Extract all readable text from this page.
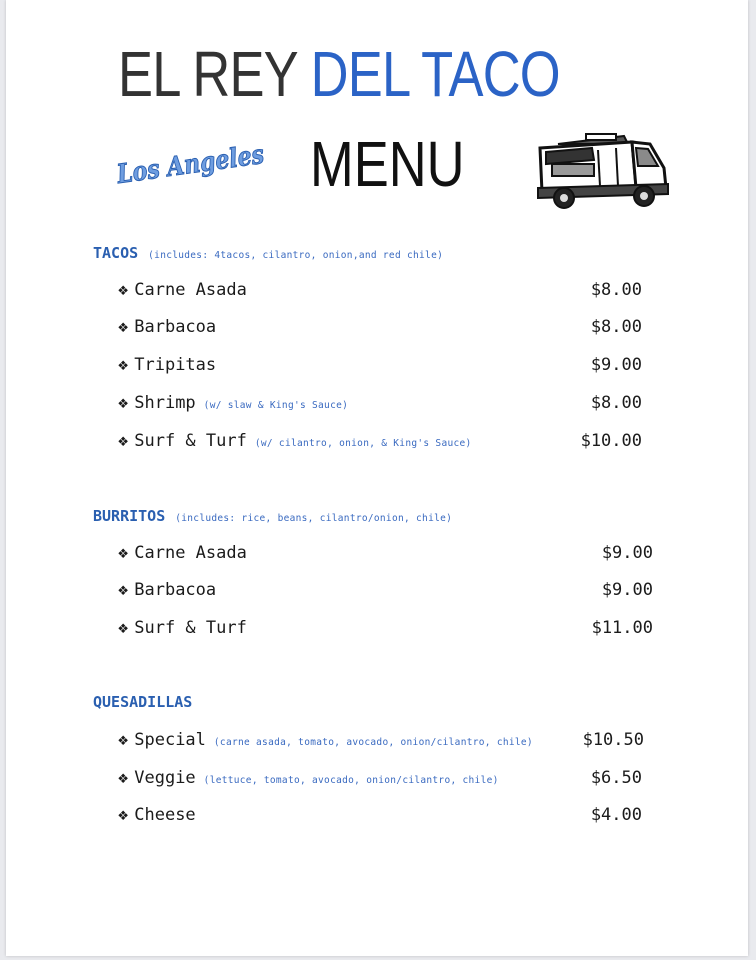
EL REY DEL TACO
Los Angeles MENU
TACOS (includes: 4tacos, cilantro, onion,and red chile)
❖ Carne Asada	$8.00
❖ Barbacoa	$8.00
❖ Tripitas	$9.00
❖ Shrimp (w/ slaw & King's Sauce)	$8.00
❖ Surf & Turf (w/ cilantro, onion, & King's Sauce)	$10.00
BURRITOS (includes: rice, beans, cilantro/onion, chile)
❖ Carne Asada	$9.00
❖ Barbacoa	$9.00
❖ Surf & Turf	$11.00
QUESADILLAS
❖ Special (carne asada, tomato, avocado, onion/cilantro, chile)	$10.50
❖ Veggie (lettuce, tomato, avocado, onion/cilantro, chile)	$6.50
❖ Cheese	$4.00
